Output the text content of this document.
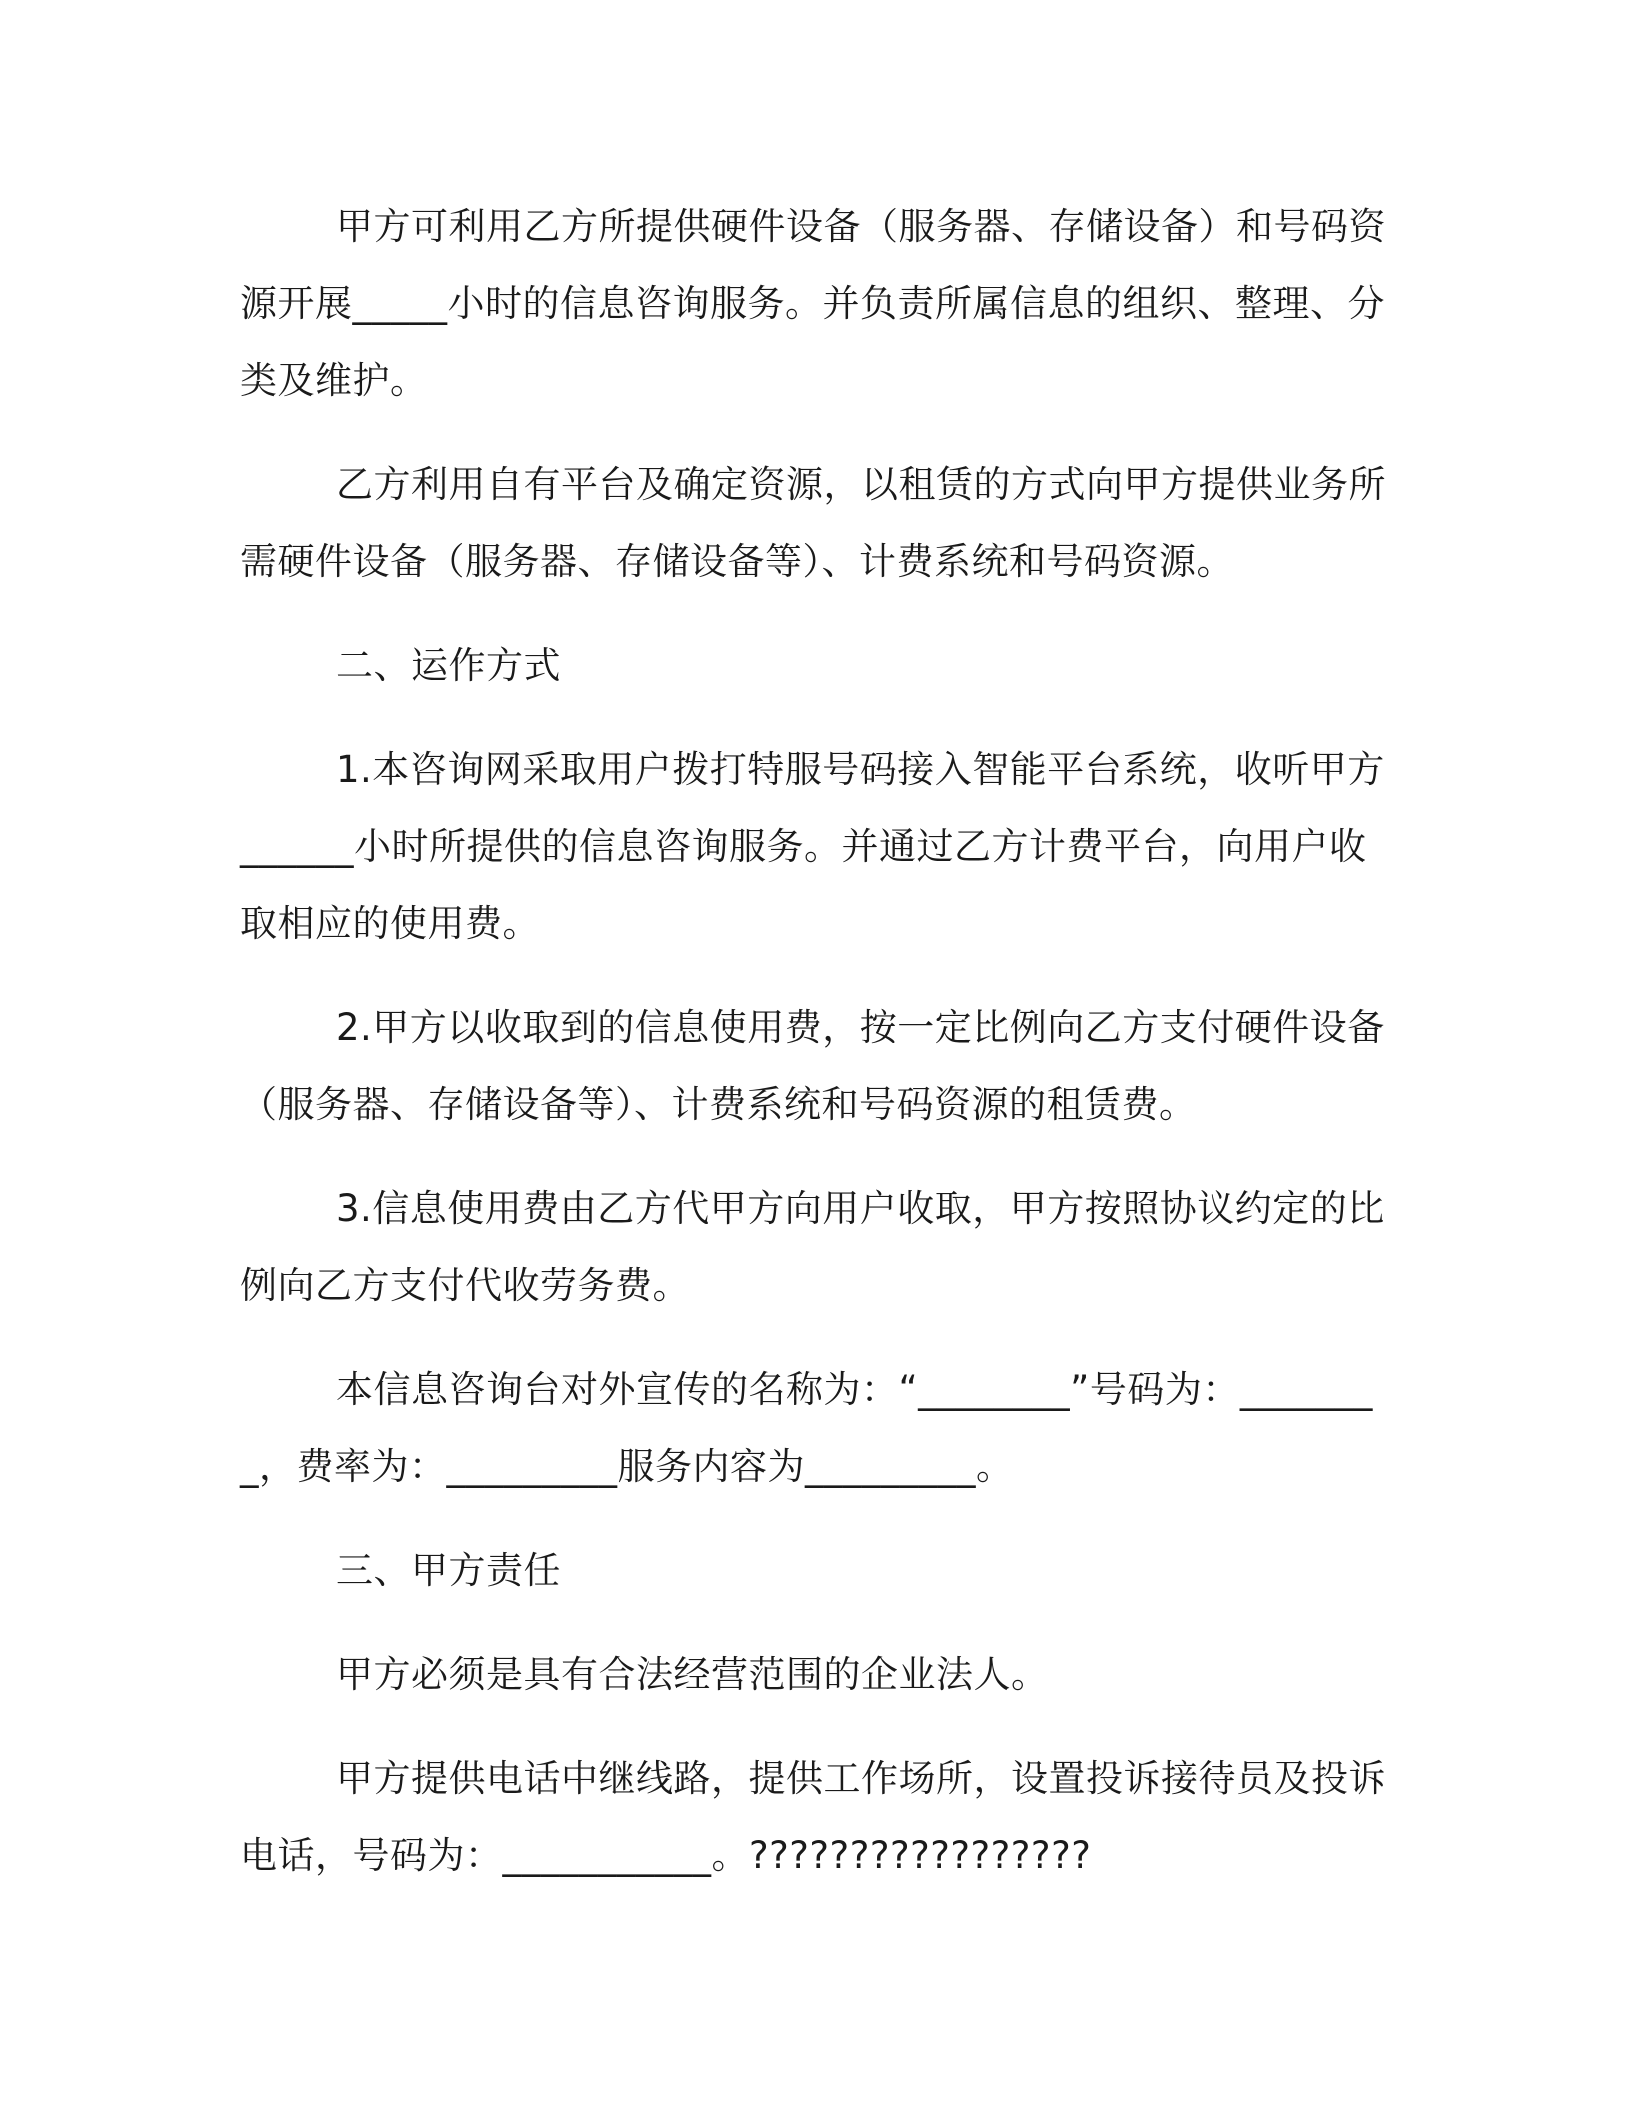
甲方可利用乙方所提供硬件设备（服务器、存储设备）和号码资源开展_____小时的信息咨询服务。并负责所属信息的组织、整理、分类及维护。

乙方利用自有平台及确定资源，以租赁的方式向甲方提供业务所需硬件设备（服务器、存储设备等）、计费系统和号码资源。

二、运作方式

1.本咨询网采取用户拨打特服号码接入智能平台系统，收听甲方______小时所提供的信息咨询服务。并通过乙方计费平台，向用户收取相应的使用费。

2.甲方以收取到的信息使用费，按一定比例向乙方支付硬件设备（服务器、存储设备等）、计费系统和号码资源的租赁费。

3.信息使用费由乙方代甲方向用户收取，甲方按照协议约定的比例向乙方支付代收劳务费。

本信息咨询台对外宣传的名称为：“________”号码为：________，费率为：_________服务内容为_________。

三、甲方责任

甲方必须是具有合法经营范围的企业法人。

甲方提供电话中继线路，提供工作场所，设置投诉接待员及投诉电话，号码为：___________。?????????????????
